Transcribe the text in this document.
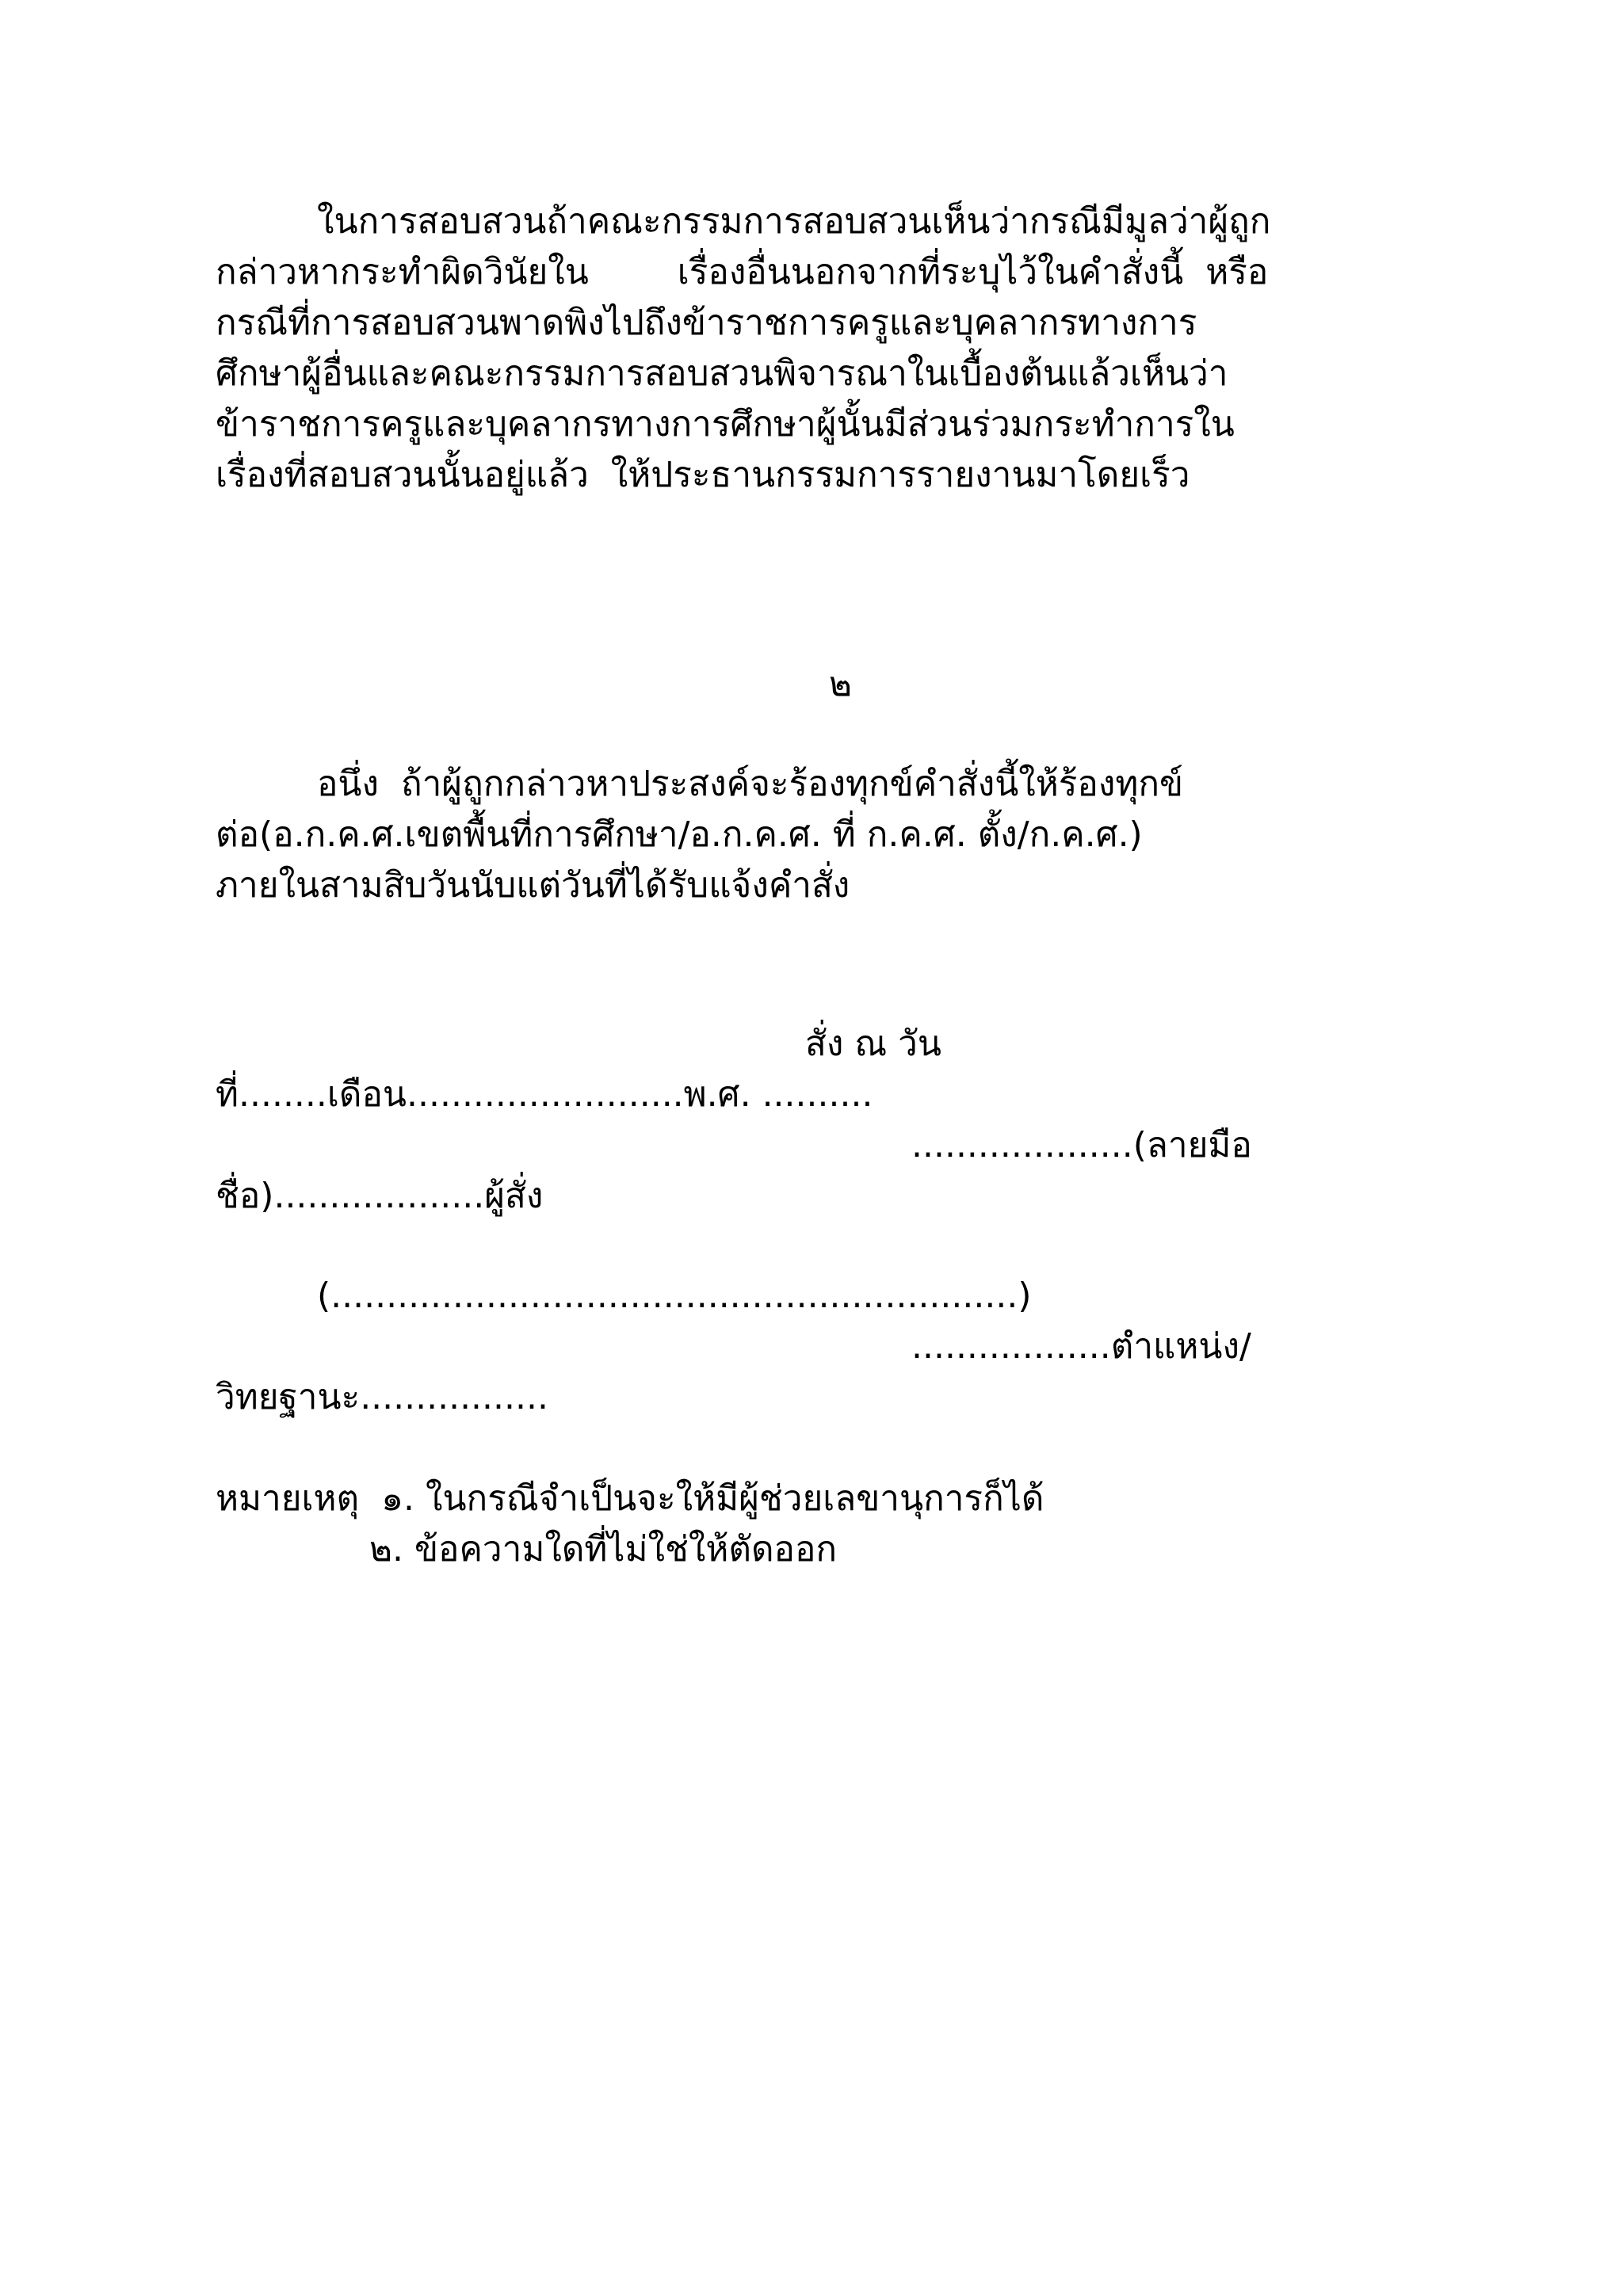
ในการสอบสวนถ้าคณะกรรมการสอบสวนเห็นว่ากรณีมีมูลว่าผู้ถูก
กล่าวหากระทำผิดวินัยใน        เรื่องอื่นนอกจากที่ระบุไว้ในคำสั่งนี้  หรือ
กรณีที่การสอบสวนพาดพิงไปถึงข้าราชการครูและบุคลากรทางการ
ศึกษาผู้อื่นและคณะกรรมการสอบสวนพิจารณาในเบื้องต้นแล้วเห็นว่า
ข้าราชการครูและบุคลากรทางการศึกษาผู้นั้นมีส่วนร่วมกระทำการใน
เรื่องที่สอบสวนนั้นอยู่แล้ว  ให้ประธานกรรมการรายงานมาโดยเร็ว
๒
อนึ่ง  ถ้าผู้ถูกกล่าวหาประสงค์จะร้องทุกข์คำสั่งนี้ให้ร้องทุกข์
ต่อ(อ.ก.ค.ศ.เขตพื้นที่การศึกษา/อ.ก.ค.ศ. ที่ ก.ค.ศ. ตั้ง/ก.ค.ศ.)
ภายในสามสิบวันนับแต่วันที่ได้รับแจ้งคำสั่ง
สั่ง ณ วัน
ที่........เดือน.........................พ.ศ. ..........
....................(ลายมือ
ชื่อ)...................ผู้สั่ง
(..............................................................)
..................ตำแหน่ง/
วิทยฐานะ.................
หมายเหตุ  ๑. ในกรณีจำเป็นจะให้มีผู้ช่วยเลขานุการก็ได้
๒. ข้อความใดที่ไม่ใช่ให้ตัดออก
